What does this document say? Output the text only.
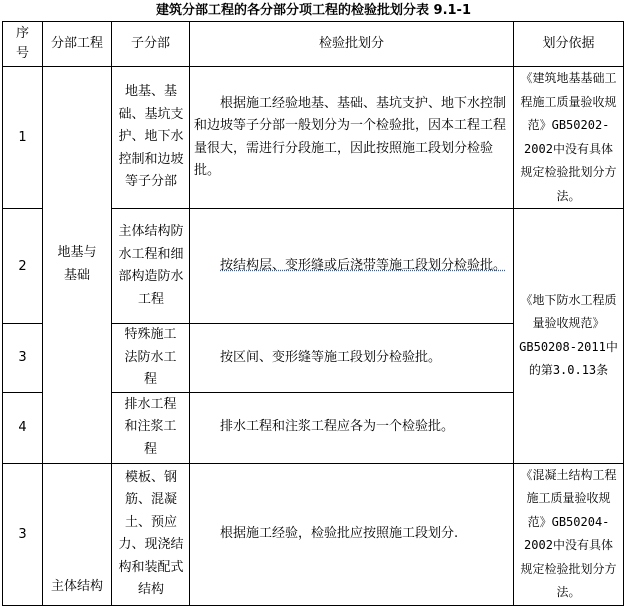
建筑分部工程的各分部分项工程的检验批划分表 9.1-1
序号	分部工程	子分部	检验批划分	划分依据
1	地基与基础	地基、基础、基坑支护、地下水控制和边坡等子分部	根据施工经验地基、基础、基坑支护、地下水控制和边坡等子分部一般划分为一个检验批，因本工程工程量很大，需进行分段施工，因此按照施工段划分检验批。	《建筑地基基础工程施工质量验收规范》GB50202-2002中没有具体规定检验批划分方法。

2		主体结构防水工程和细部构造防水工程	按结构层、变形缝或后浇带等施工段划分检验批。	《地下防水工程质量验收规范》GB50208-2011中的第3.0.13条

3		特殊施工法防水工程	按区间、变形缝等施工段划分检验批。	
4		排水工程和注浆工程	排水工程和注浆工程应各为一个检验批。	
3	主体结构	模板、钢筋、混凝土、预应力、现浇结构和装配式结构	根据施工经验，检验批应按照施工段划分.	《混凝土结构工程施工质量验收规范》GB50204-2002中没有具体规定检验批划分方法。
